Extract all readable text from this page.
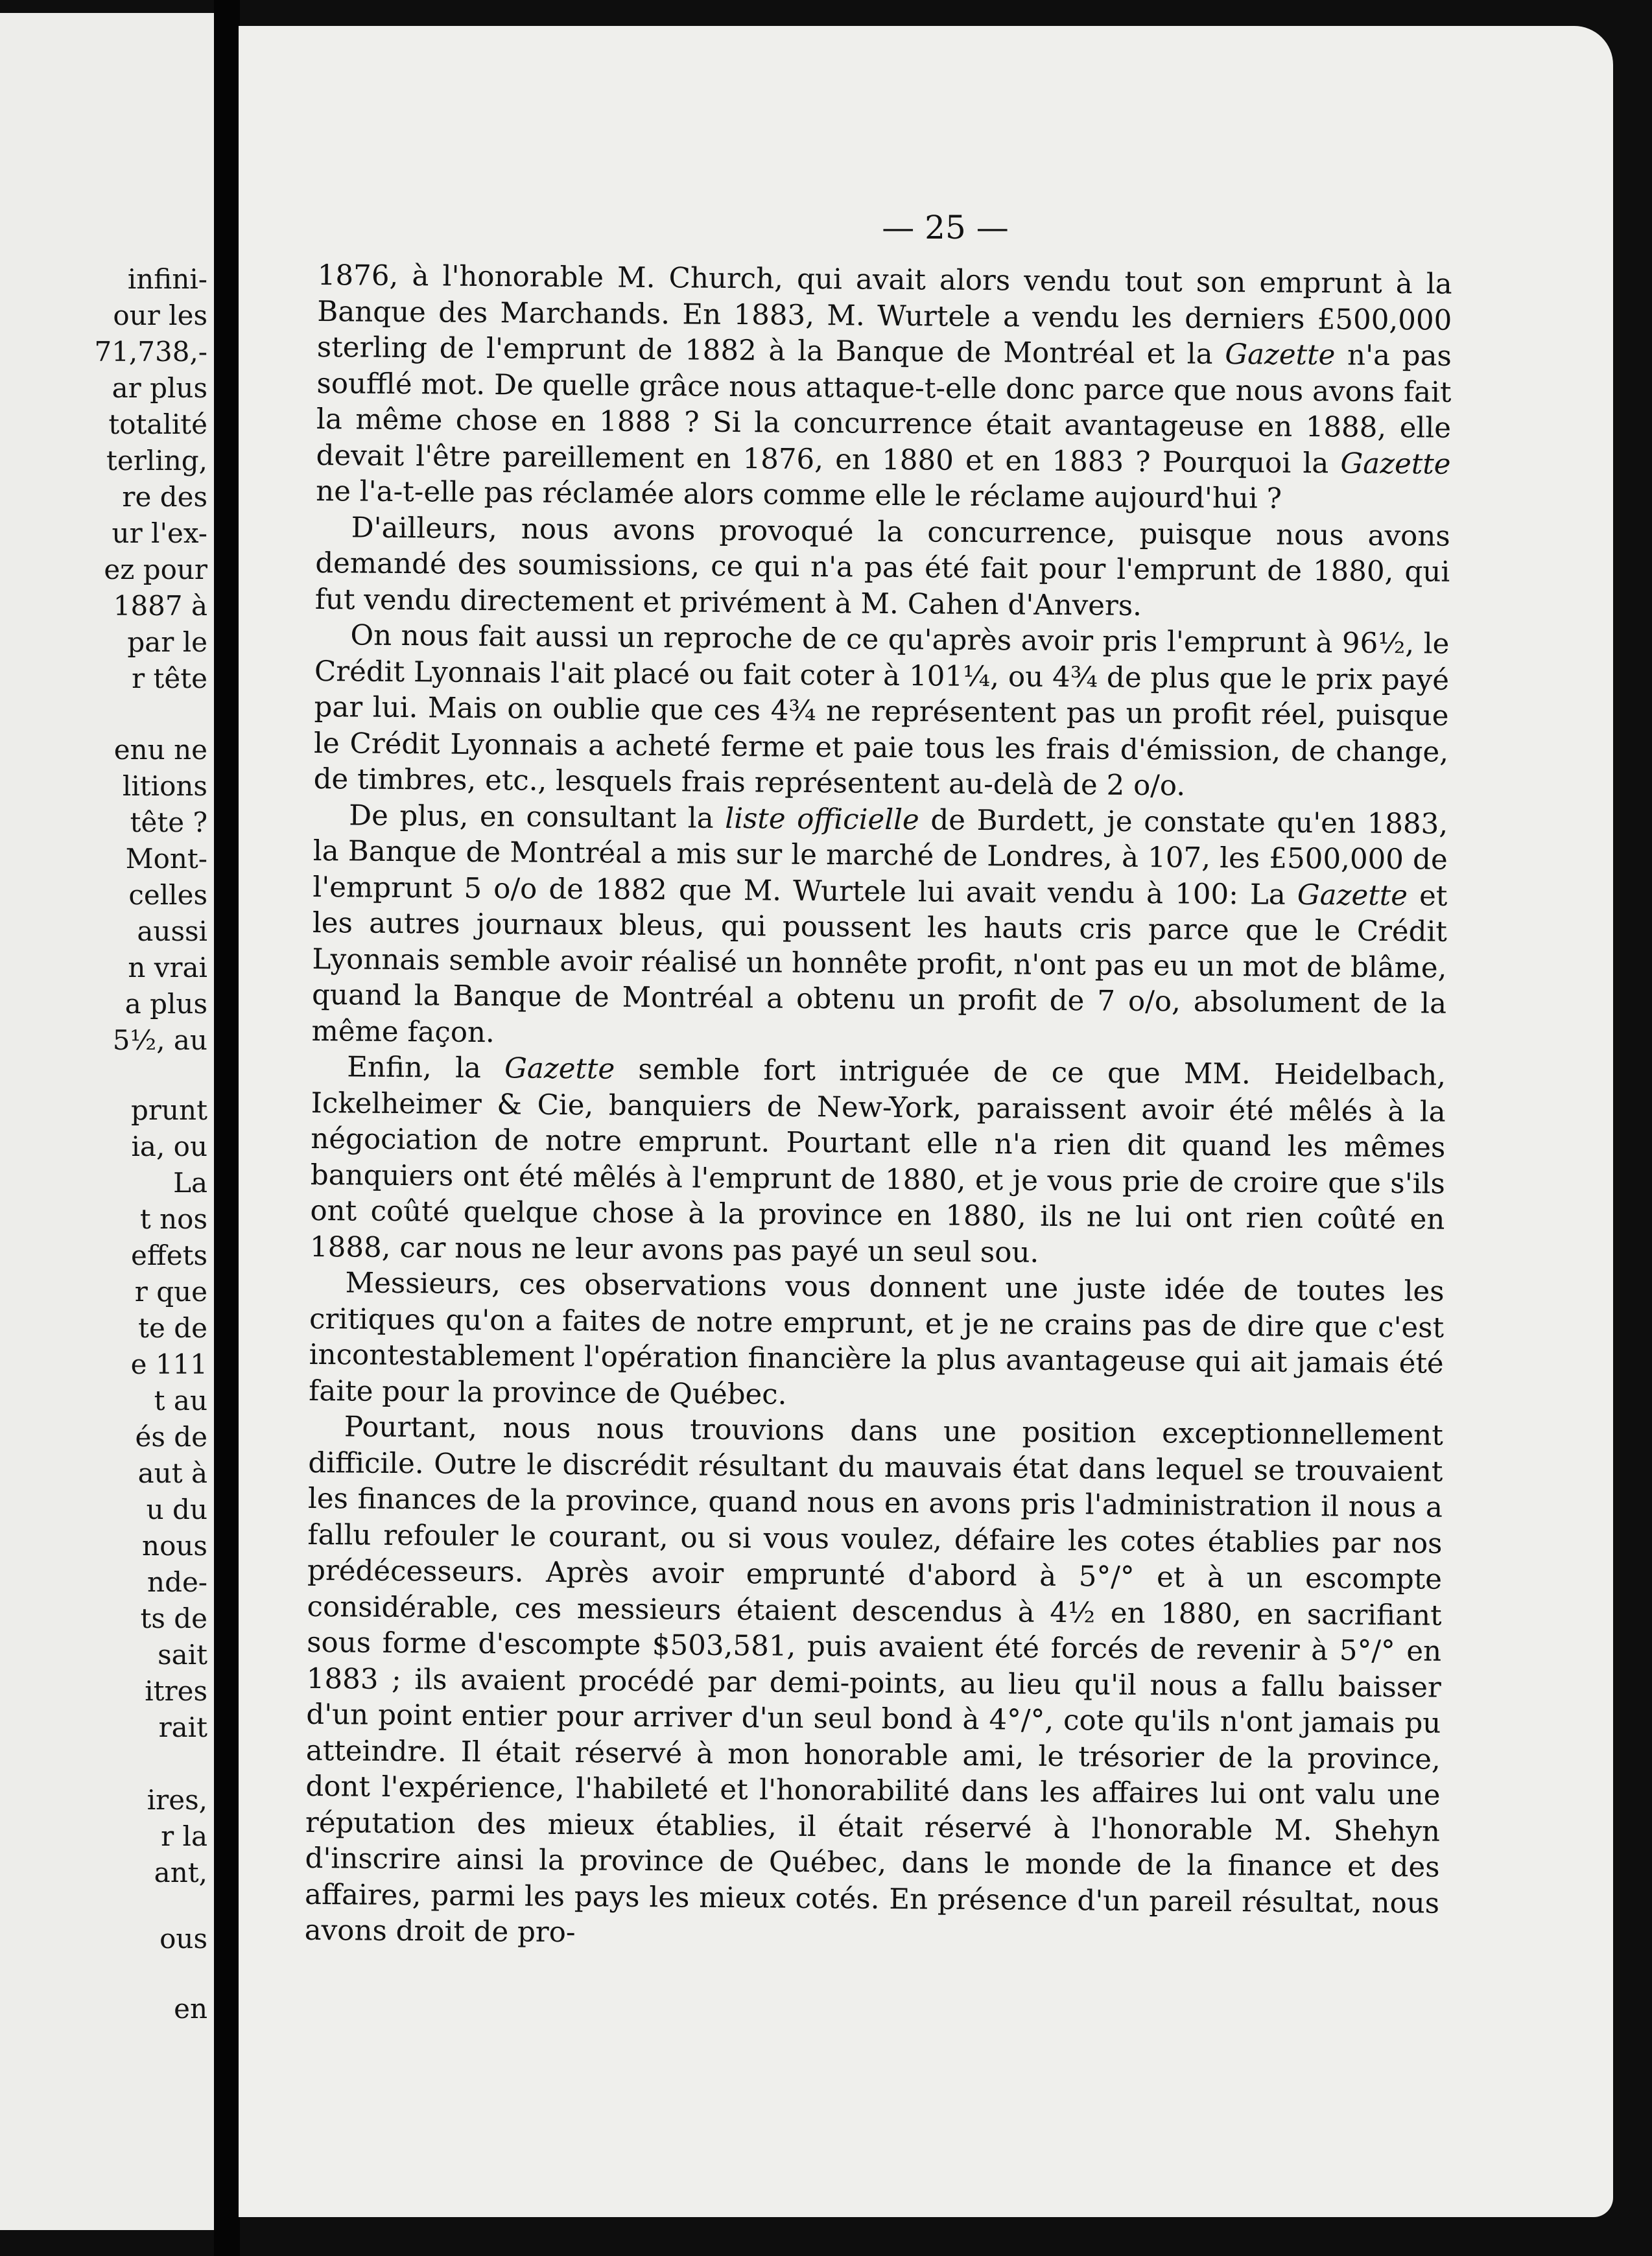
infini-
our les
71,738,-
ar plus
totalité
terling,
re des
ur l'ex-
ez pour
1887 à
par le
r tête
enu ne
litions
tête ?
Mont-
celles
aussi
n vrai
a plus
5½, au
prunt
ia, ou
La
t nos
effets
r que
te de
e 111
t au
és de
aut à
u du
nous
nde-
ts de
sait
itres
rait
ires,
r la
ant,
ous
en
— 25 —

1876, à l'honorable M. Church, qui avait alors vendu tout son emprunt à la Banque des Marchands. En 1883, M. Wurtele a vendu les derniers £500,000 sterling de l'emprunt de 1882 à la Banque de Montréal et la Gazette n'a pas soufflé mot. De quelle grâce nous attaque-t-elle donc parce que nous avons fait la même chose en 1888 ? Si la concurrence était avantageuse en 1888, elle devait l'être pareillement en 1876, en 1880 et en 1883 ? Pourquoi la Gazette ne l'a-t-elle pas réclamée alors comme elle le réclame aujourd'hui ?

D'ailleurs, nous avons provoqué la concurrence, puisque nous avons demandé des soumissions, ce qui n'a pas été fait pour l'emprunt de 1880, qui fut vendu directement et privément à M. Cahen d'Anvers.

On nous fait aussi un reproche de ce qu'après avoir pris l'emprunt à 96½, le Crédit Lyonnais l'ait placé ou fait coter à 101¼, ou 4¾ de plus que le prix payé par lui. Mais on oublie que ces 4¾ ne représentent pas un profit réel, puisque le Crédit Lyonnais a acheté ferme et paie tous les frais d'émission, de change, de timbres, etc., lesquels frais représentent au-delà de 2 o/o.

De plus, en consultant la liste officielle de Burdett, je constate qu'en 1883, la Banque de Montréal a mis sur le marché de Londres, à 107, les £500,000 de l'emprunt 5 o/o de 1882 que M. Wurtele lui avait vendu à 100: La Gazette et les autres journaux bleus, qui poussent les hauts cris parce que le Crédit Lyonnais semble avoir réalisé un honnête profit, n'ont pas eu un mot de blâme, quand la Banque de Montréal a obtenu un profit de 7 o/o, absolument de la même façon.

Enfin, la Gazette semble fort intriguée de ce que MM. Heidelbach, Ickelheimer & Cie, banquiers de New-York, paraissent avoir été mêlés à la négociation de notre emprunt. Pourtant elle n'a rien dit quand les mêmes banquiers ont été mêlés à l'emprunt de 1880, et je vous prie de croire que s'ils ont coûté quelque chose à la province en 1880, ils ne lui ont rien coûté en 1888, car nous ne leur avons pas payé un seul sou.

Messieurs, ces observations vous donnent une juste idée de toutes les critiques qu'on a faites de notre emprunt, et je ne crains pas de dire que c'est incontestablement l'opération financière la plus avantageuse qui ait jamais été faite pour la province de Québec.

Pourtant, nous nous trouvions dans une position exceptionnellement difficile. Outre le discrédit résultant du mauvais état dans lequel se trouvaient les finances de la province, quand nous en avons pris l'administration il nous a fallu refouler le courant, ou si vous voulez, défaire les cotes établies par nos prédécesseurs. Après avoir emprunté d'abord à 5°/° et à un escompte considérable, ces messieurs étaient descendus à 4½ en 1880, en sacrifiant sous forme d'escompte $503,581, puis avaient été forcés de revenir à 5°/° en 1883 ; ils avaient procédé par demi-points, au lieu qu'il nous a fallu baisser d'un point entier pour arriver d'un seul bond à 4°/°, cote qu'ils n'ont jamais pu atteindre. Il était réservé à mon honorable ami, le trésorier de la province, dont l'expérience, l'habileté et l'honorabilité dans les affaires lui ont valu une réputation des mieux établies, il était réservé à l'honorable M. Shehyn d'inscrire ainsi la province de Québec, dans le monde de la finance et des affaires, parmi les pays les mieux cotés. En présence d'un pareil résultat, nous avons droit de pro-
